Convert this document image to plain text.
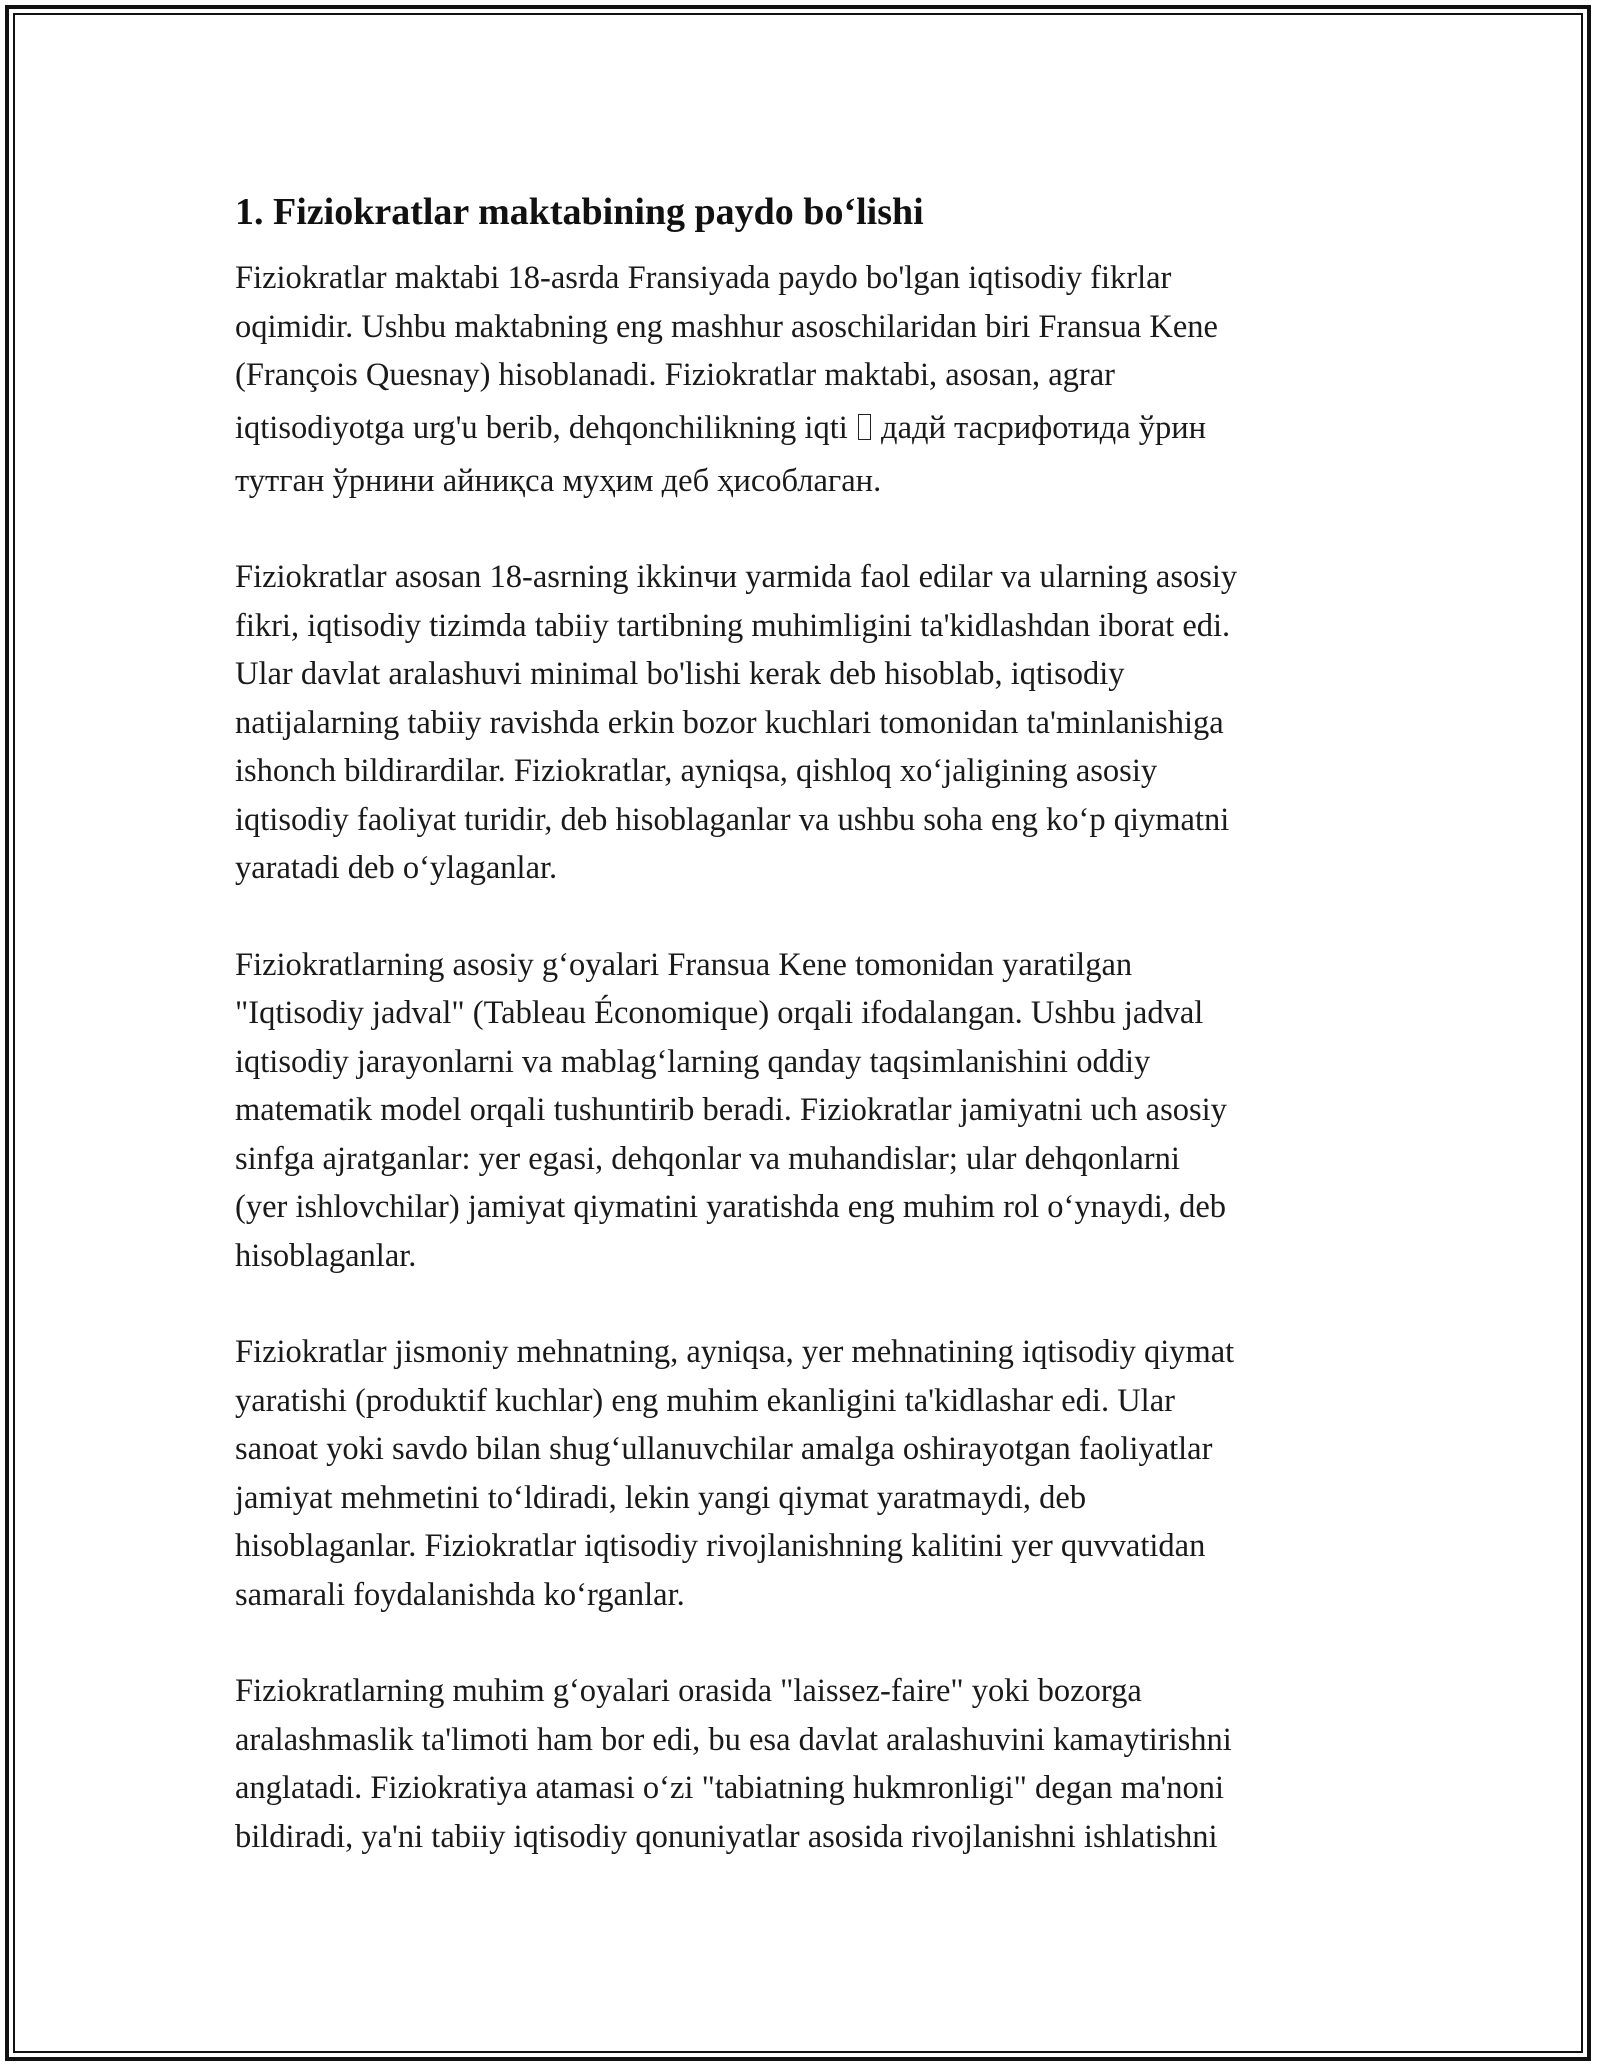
1. Fiziokratlar maktabining paydo bo‘lishi

Fiziokratlar maktabi 18-asrda Fransiyada paydo bo'lgan iqtisodiy fikrlar
oqimidir. Ushbu maktabning eng mashhur asoschilaridan biri Fransua Kene
(François Quesnay) hisoblanadi. Fiziokratlar maktabi, asosan, agrar
iqtisodiyotga urg'u berib, dehqonchilikning iqti дадй тасрифотида ўрин
тутган ўрнини айниқса муҳим деб ҳисоблаган.

Fiziokratlar asosan 18-asrning ikkinчи yarmida faol edilar va ularning asosiy
fikri, iqtisodiy tizimda tabiiy tartibning muhimligini ta'kidlashdan iborat edi.
Ular davlat aralashuvi minimal bo'lishi kerak deb hisoblab, iqtisodiy
natijalarning tabiiy ravishda erkin bozor kuchlari tomonidan ta'minlanishiga
ishonch bildirardilar. Fiziokratlar, ayniqsa, qishloq xo‘jaligining asosiy
iqtisodiy faoliyat turidir, deb hisoblaganlar va ushbu soha eng ko‘p qiymatni
yaratadi deb o‘ylaganlar.

Fiziokratlarning asosiy g‘oyalari Fransua Kene tomonidan yaratilgan
"Iqtisodiy jadval" (Tableau Économique) orqali ifodalangan. Ushbu jadval
iqtisodiy jarayonlarni va mablag‘larning qanday taqsimlanishini oddiy
matematik model orqali tushuntirib beradi. Fiziokratlar jamiyatni uch asosiy
sinfga ajratganlar: yer egasi, dehqonlar va muhandislar; ular dehqonlarni
(yer ishlovchilar) jamiyat qiymatini yaratishda eng muhim rol o‘ynaydi, deb
hisoblaganlar.

Fiziokratlar jismoniy mehnatning, ayniqsa, yer mehnatining iqtisodiy qiymat
yaratishi (produktif kuchlar) eng muhim ekanligini ta'kidlashar edi. Ular
sanoat yoki savdo bilan shug‘ullanuvchilar amalga oshirayotgan faoliyatlar
jamiyat mehmetini to‘ldiradi, lekin yangi qiymat yaratmaydi, deb
hisoblaganlar. Fiziokratlar iqtisodiy rivojlanishning kalitini yer quvvatidan
samarali foydalanishda ko‘rganlar.

Fiziokratlarning muhim g‘oyalari orasida "laissez-faire" yoki bozorga
aralashmaslik ta'limoti ham bor edi, bu esa davlat aralashuvini kamaytirishni
anglatadi. Fiziokratiya atamasi o‘zi "tabiatning hukmronligi" degan ma'noni
bildiradi, ya'ni tabiiy iqtisodiy qonuniyatlar asosida rivojlanishni ishlatishni
